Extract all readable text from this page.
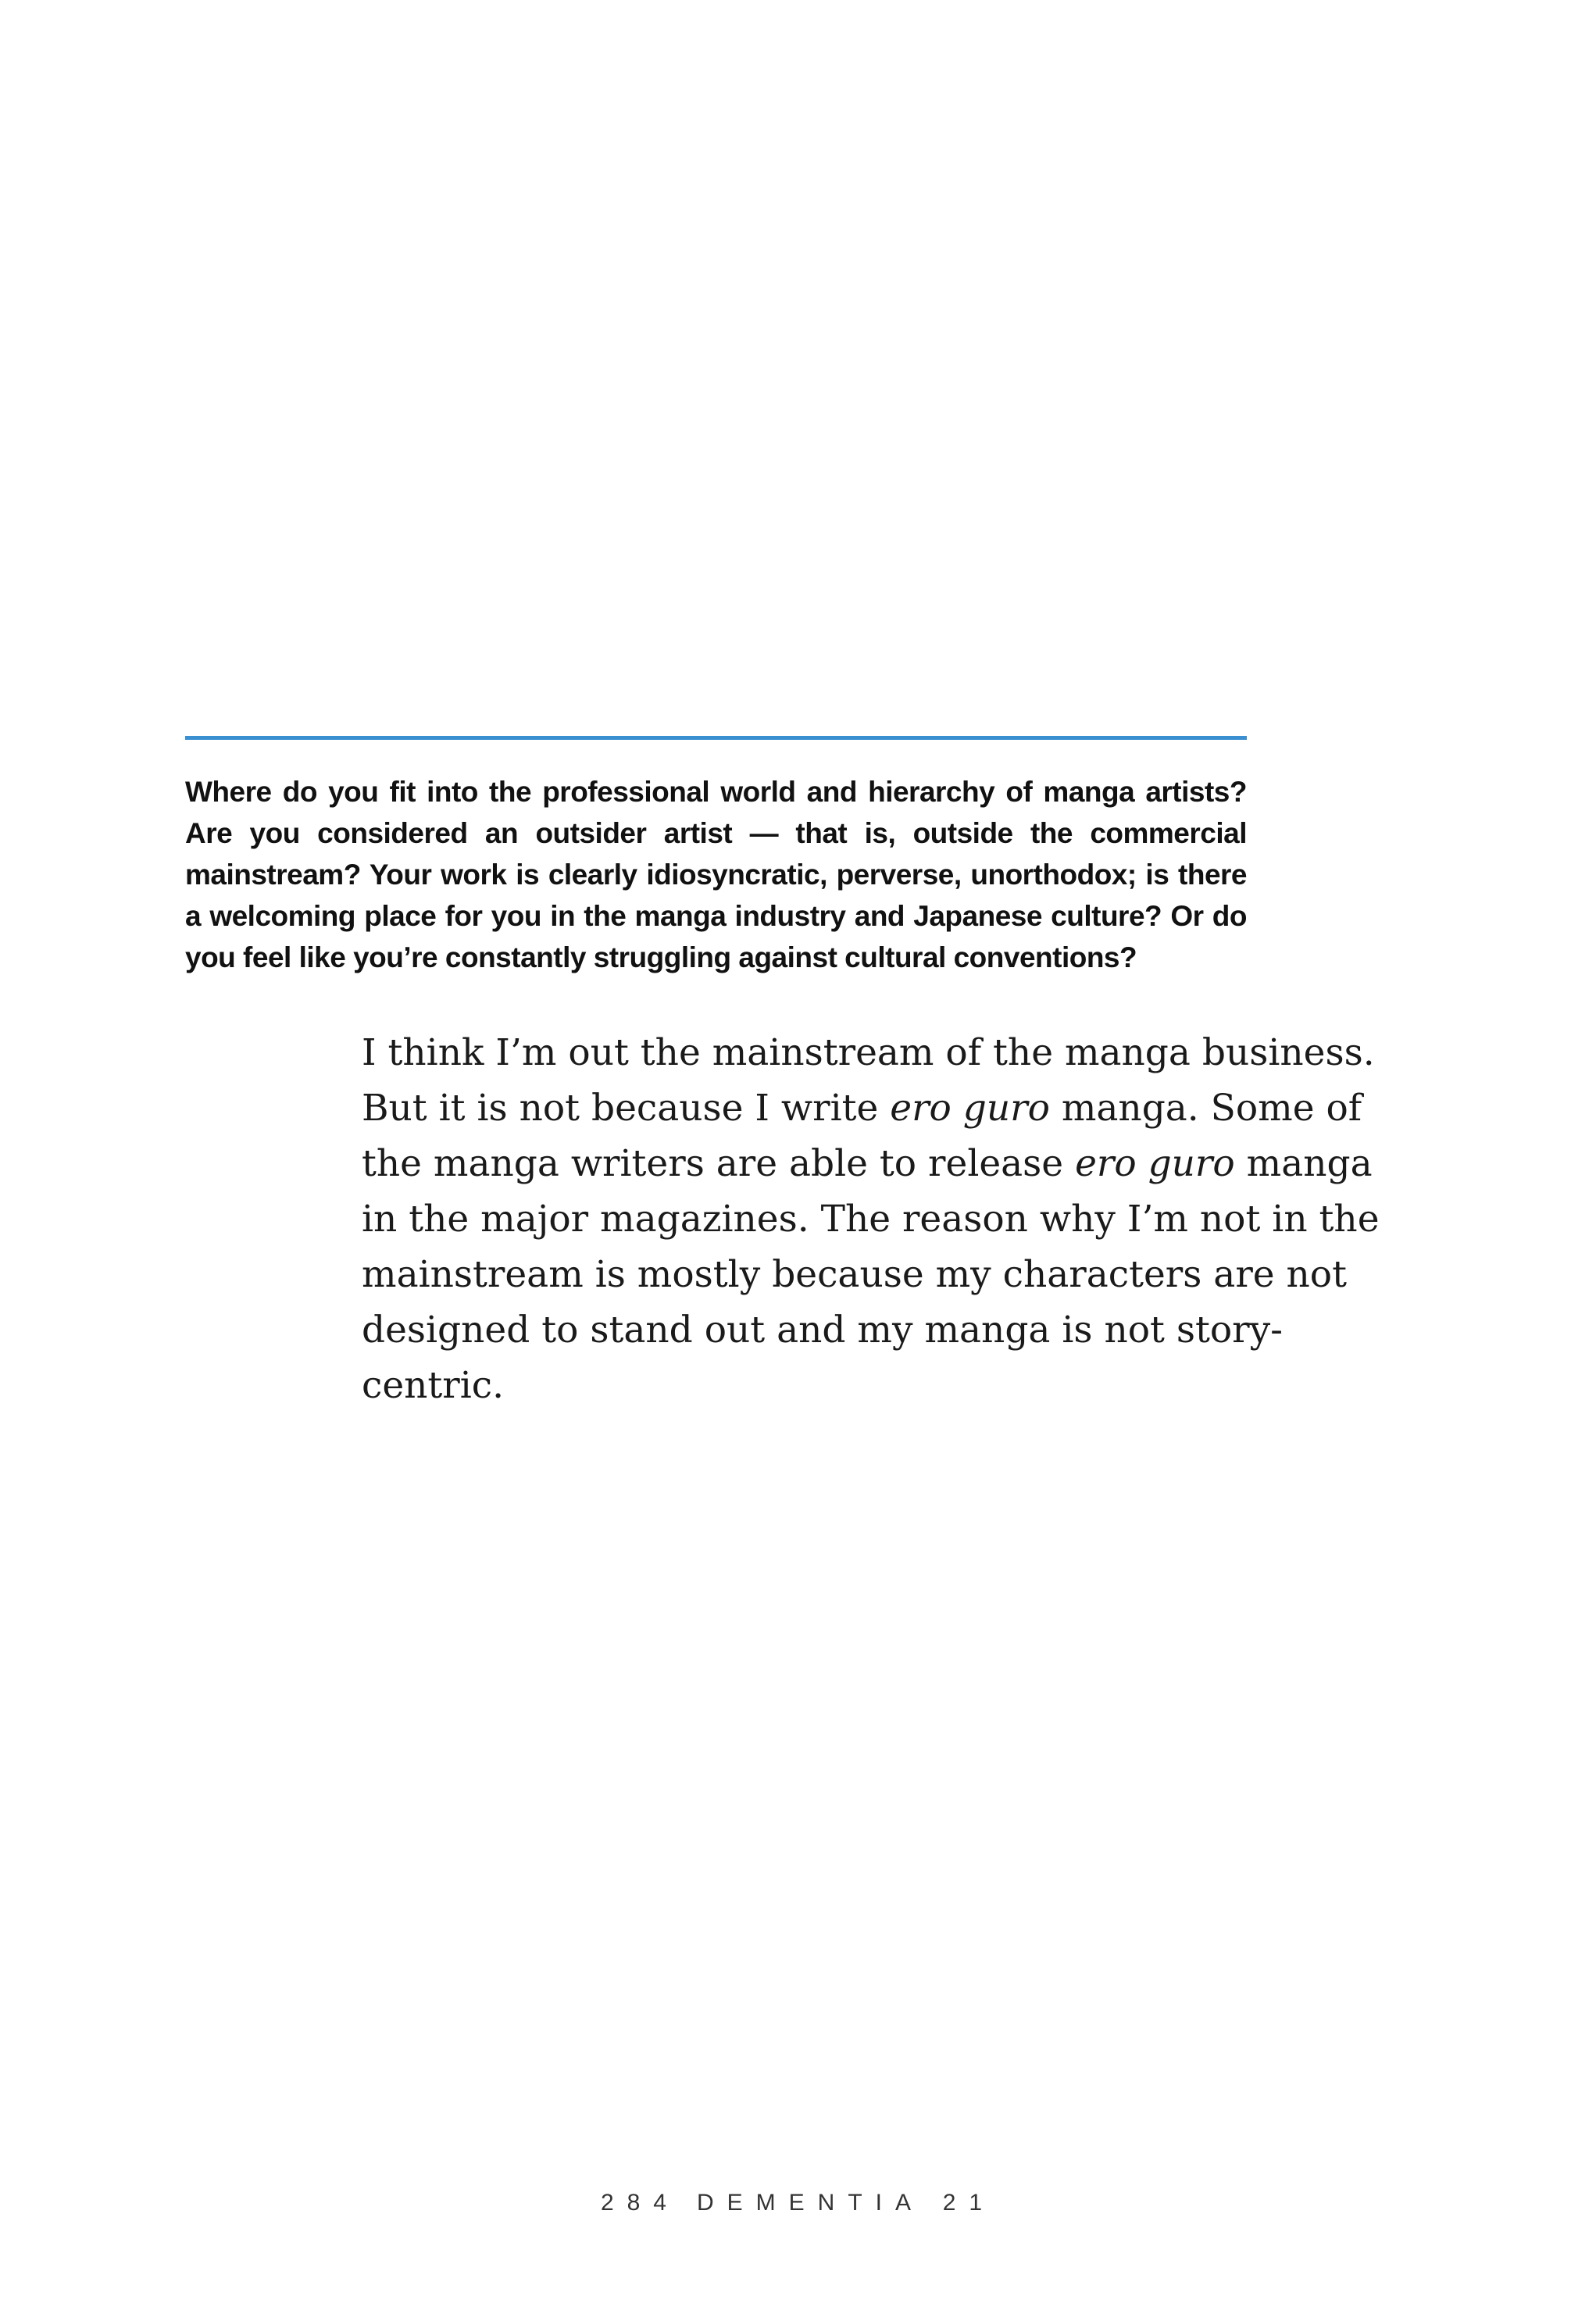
Where do you fit into the professional world and hierarchy of manga artists? Are you considered an outsider artist — that is, outside the commercial mainstream? Your work is clearly idiosyncratic, perverse, unorthodox; is there a welcoming place for you in the manga industry and Japanese culture? Or do you feel like you’re constantly struggling against cultural conventions?

I think I’m out the mainstream of the manga business. But it is not because I write ero guro manga. Some of the manga writers are able to release ero guro manga in the major magazines. The reason why I’m not in the mainstream is mostly because my characters are not designed to stand out and my manga is not story-centric.

284 DEMENTIA 21
